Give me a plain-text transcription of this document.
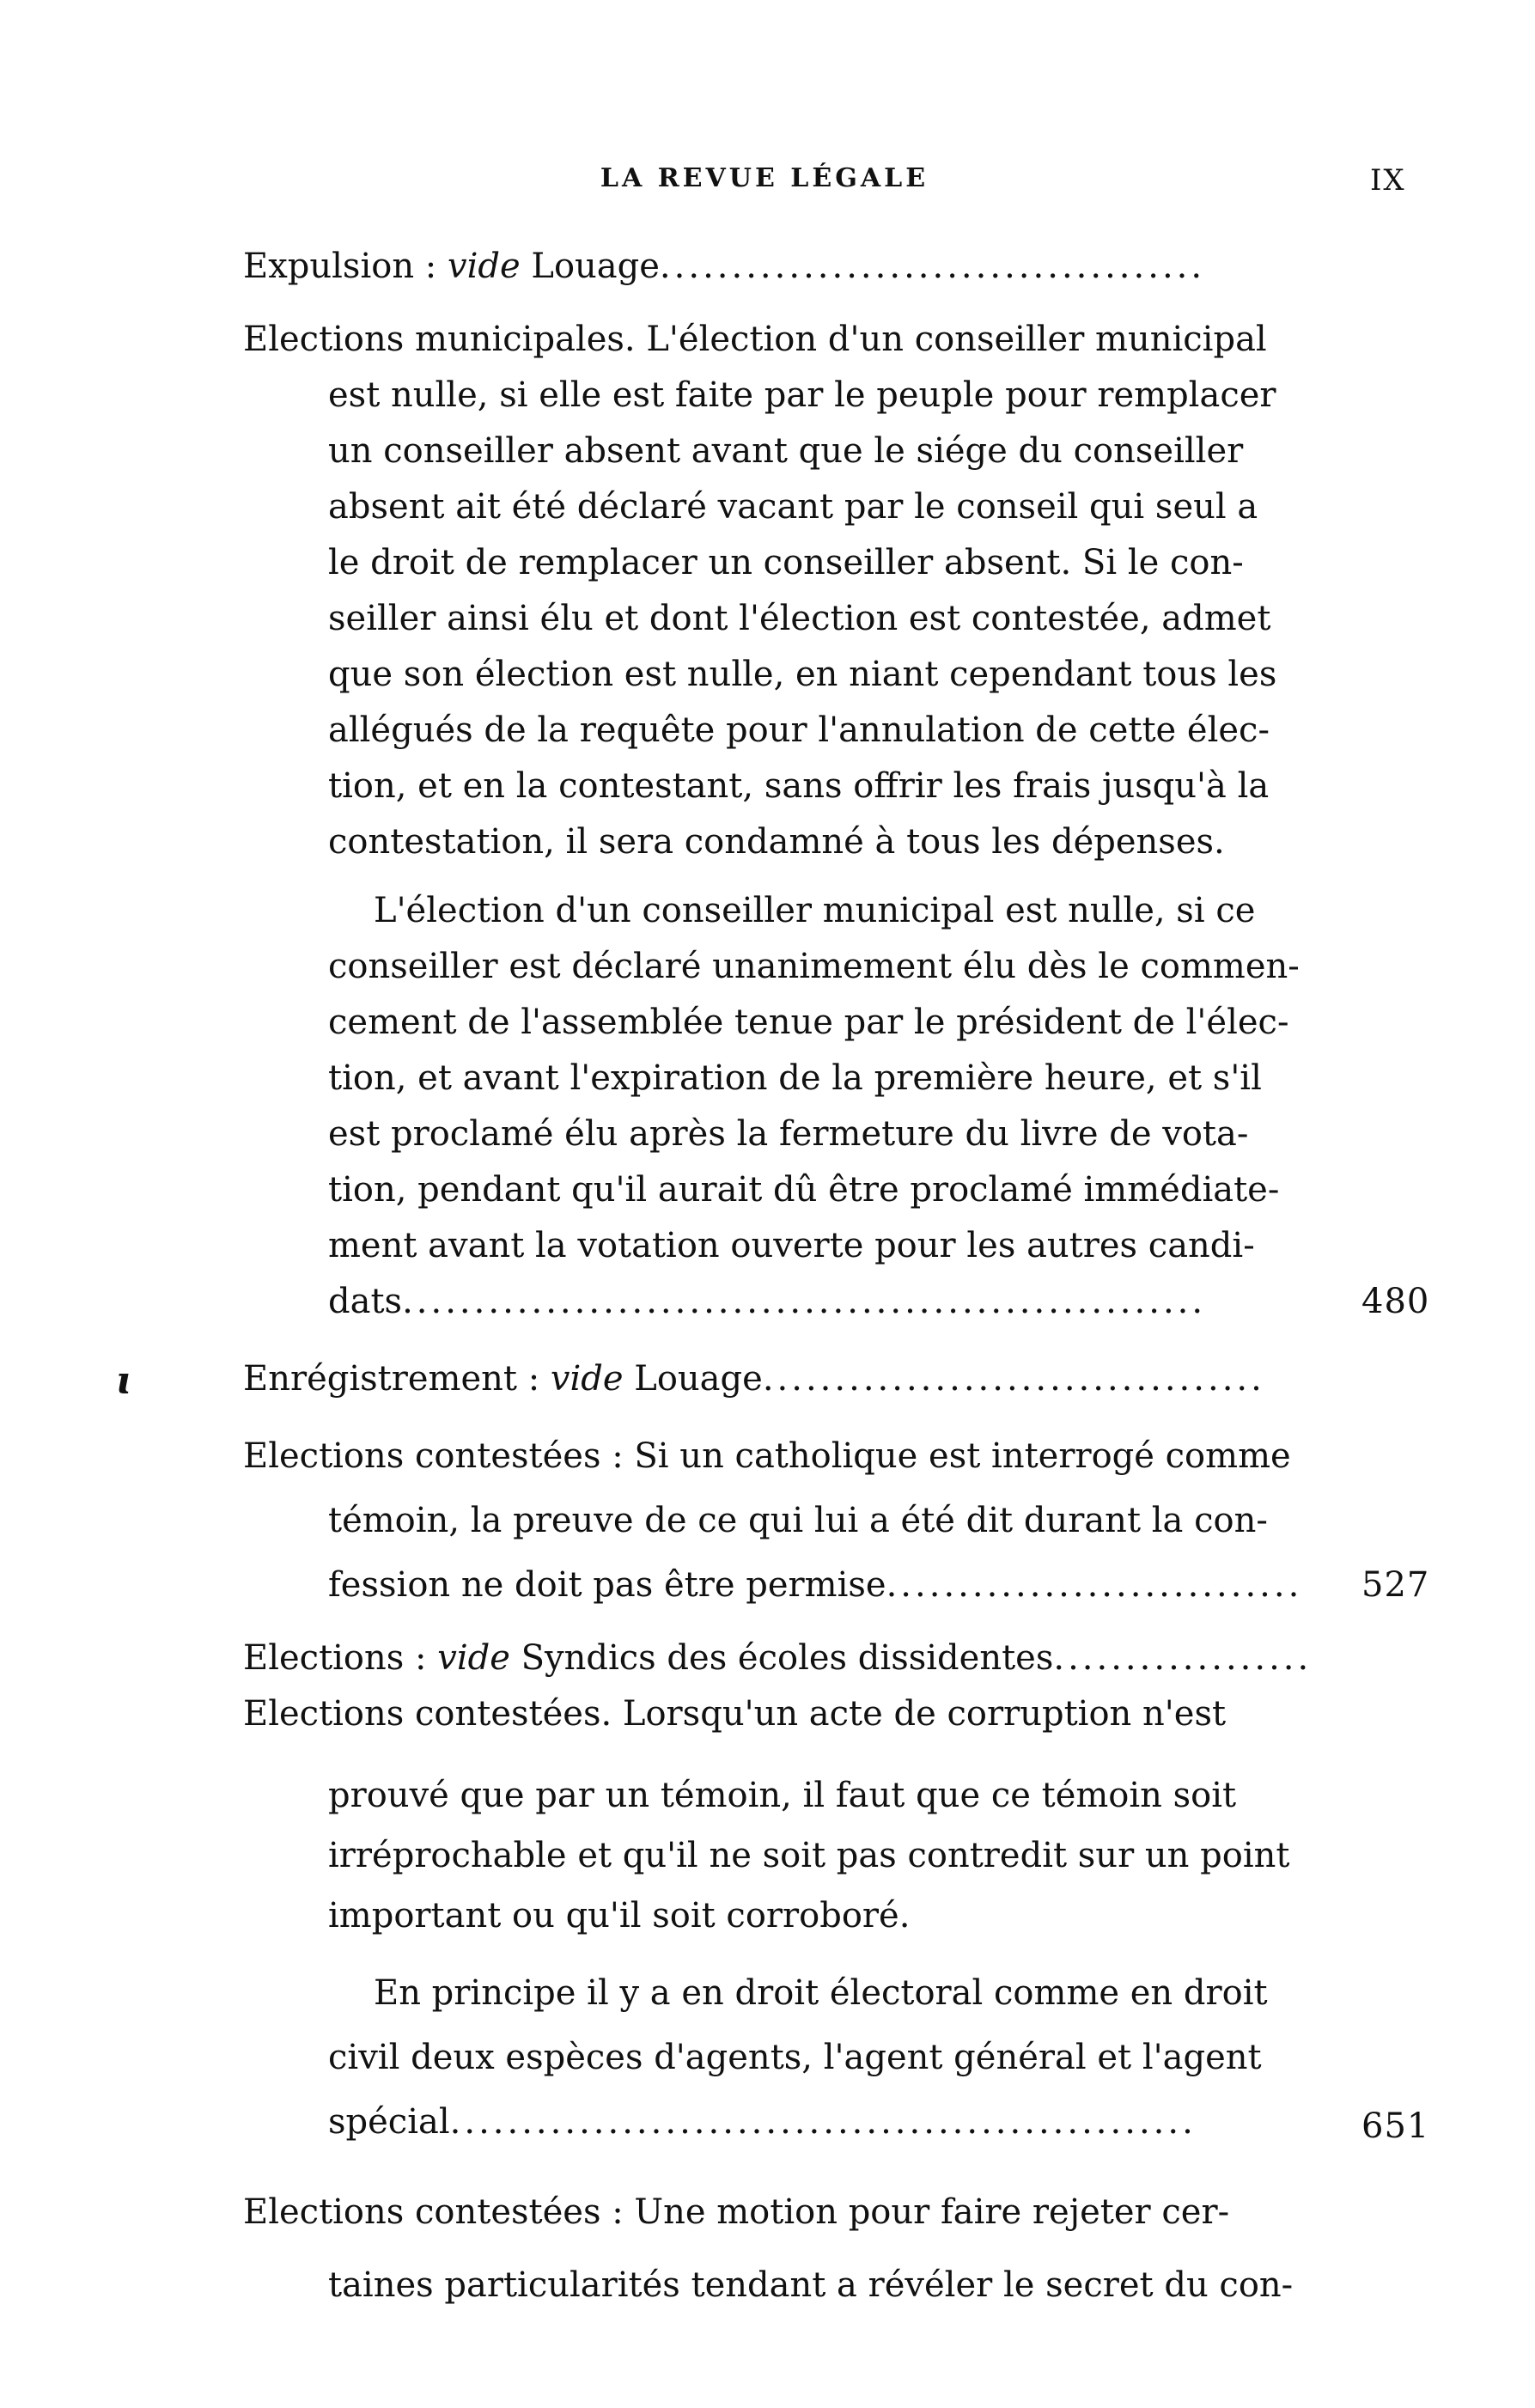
LA REVUE LÉGALE	IX
Expulsion : vide Louage......................................
Elections municipales. L'élection d'un conseiller municipal
est nulle, si elle est faite par le peuple pour remplacer
un conseiller absent avant que le siége du conseiller
absent ait été déclaré vacant par le conseil qui seul a
le droit de remplacer un conseiller absent. Si le con-
seiller ainsi élu et dont l'élection est contestée, admet
que son élection est nulle, en niant cependant tous les
allégués de la requête pour l'annulation de cette élec-
tion, et en la contestant, sans offrir les frais jusqu'à la
contestation, il sera condamné à tous les dépenses.
L'élection d'un conseiller municipal est nulle, si ce
conseiller est déclaré unanimement élu dès le commen-
cement de l'assemblée tenue par le président de l'élec-
tion, et avant l'expiration de la première heure, et s'il
est proclamé élu après la fermeture du livre de vota-
tion, pendant qu'il aurait dû être proclamé immédiate-
ment avant la votation ouverte pour les autres candi-
dats........................................................	480
ɩ	Enrégistrement : vide Louage...................................
Elections contestées : Si un catholique est interrogé comme
témoin, la preuve de ce qui lui a été dit durant la con-
fession ne doit pas être permise............................. 527
Elections : vide Syndics des écoles dissidentes..................
Elections contestées. Lorsqu'un acte de corruption n'est
prouvé que par un témoin, il faut que ce témoin soit
irréprochable et qu'il ne soit pas contredit sur un point
important ou qu'il soit corroboré.
En principe il y a en droit électoral comme en droit
civil deux espèces d'agents, l'agent général et l'agent
spécial....................................................	651
Elections contestées : Une motion pour faire rejeter cer-
taines particularités tendant a révéler le secret du con-
